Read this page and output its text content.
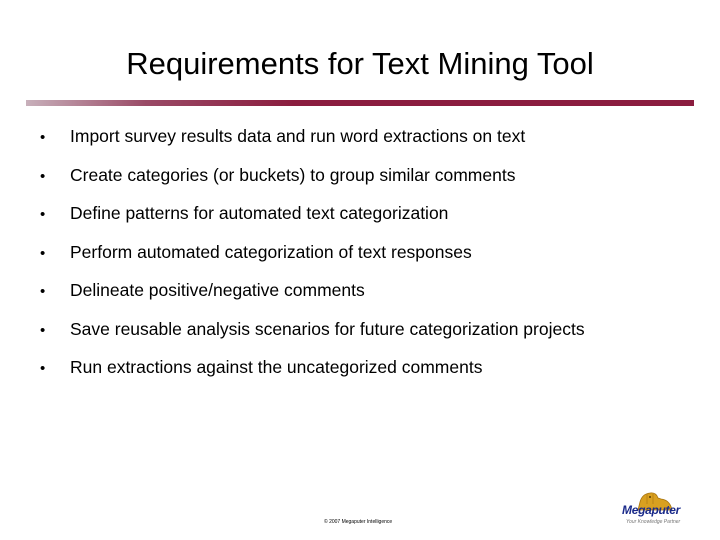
Requirements for Text Mining Tool
•	Import survey results data and run word extractions on text
•	Create categories (or buckets) to group similar comments
•	Define patterns for automated text categorization
•	Perform automated categorization of text responses
•	Delineate positive/negative comments
•	Save reusable analysis scenarios for future categorization projects
•	Run extractions against the uncategorized comments
© 2007 Megaputer Intelligence
Megaputer
Your Knowledge Partner
